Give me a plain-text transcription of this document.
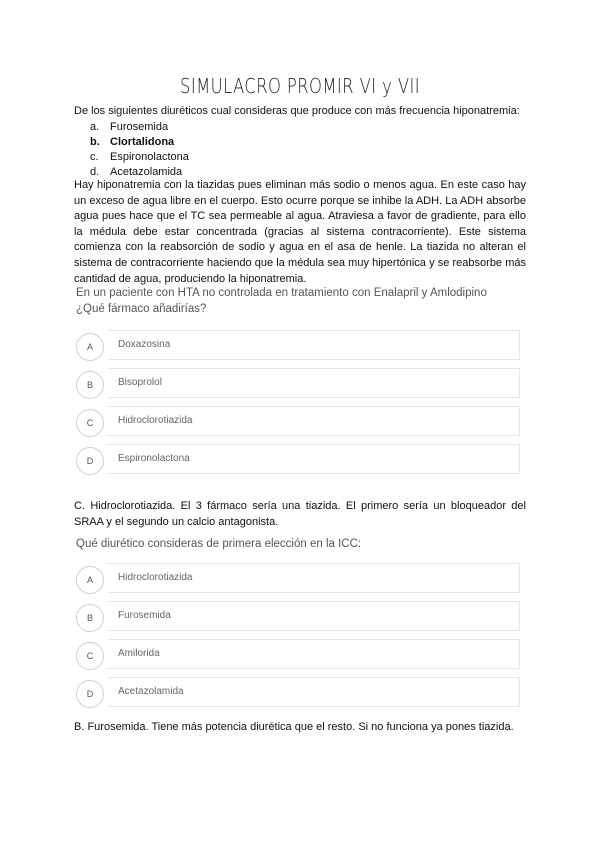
SIMULACRO PROMIR VI y VII
De los siguientes diuréticos cual consideras que produce con más frecuencia hiponatremia:
a. Furosemida
b. Clortalidona
c.	Espironolactona
d. Acetazolamida
Hay hiponatremia con la tiazidas pues eliminan más sodio o menos agua. En este caso hay un exceso de agua libre en el cuerpo. Esto ocurre porque se inhibe la ADH. La ADH absorbe agua pues hace que el TC sea permeable al agua. Atraviesa a favor de gradiente, para ello la médula debe estar concentrada (gracias al sistema contracorriente). Este sistema comienza con la reabsorción de sodio y agua en el asa de henle. La tiazida no alteran el sistema de contracorriente haciendo que la médula sea muy hipertónica y se reabsorbe más cantidad de agua, produciendo la hiponatremia.
En un paciente con HTA no controlada en tratamiento con Enalapril y Amlodipino
¿Qué fármaco añadirías?
A	Doxazosina
B	Bisoprolol
C	Hidroclorotiazida
D	Espironolactona
C. Hidroclorotiazida. El 3 fármaco sería una tiazida. El primero sería un bloqueador del SRAA y el segundo un calcio antagonista.
Qué diurético consideras de primera elección en la ICC:
A	Hidroclorotiazida
B	Furosemida
C	Amilorida
D	Acetazolamida
B. Furosemida. Tiene más potencia diurética que el resto. Si no funciona ya pones tiazida.
